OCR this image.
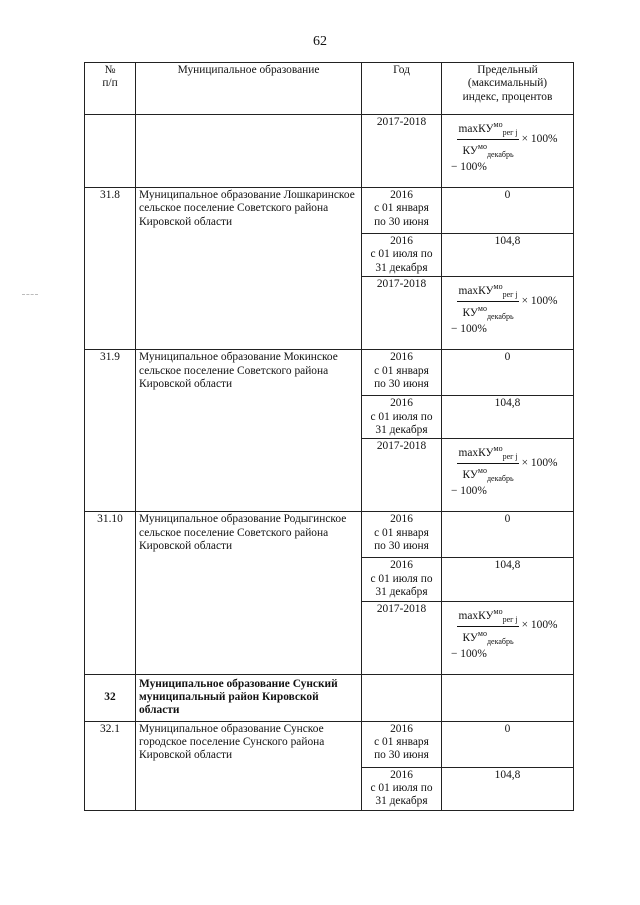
62
№
п/п	Муниципальное образование	Год	Предельный
(максимальный)
индекс, процентов
		2017-2018	$\frac{\max КУ^{мо}_{рег j}}{КУ^{мо}_{декабрь}} \times 100\%$
− 100%

31.8	Муниципальное образование Лошкаринское сельское поселение Советского района Кировской области	2016
с 01 января
по 30 июня	0
		2016
с 01 июля по
31 декабря	104,8
		2017-2018	$\frac{\max КУ^{мо}_{рег j}}{КУ^{мо}_{декабрь}} \times 100\%$
− 100%

31.9	Муниципальное образование Мокинское сельское поселение Советского района Кировской области	2016
с 01 января
по 30 июня	0
		2016
с 01 июля по
31 декабря	104,8
		2017-2018	$\frac{\max КУ^{мо}_{рег j}}{КУ^{мо}_{декабрь}} \times 100\%$
− 100%

31.10	Муниципальное образование Родыгинское сельское поселение Советского района Кировской области	2016
с 01 января
по 30 июня	0
		2016
с 01 июля по
31 декабря	104,8
		2017-2018	$\frac{\max КУ^{мо}_{рег j}}{КУ^{мо}_{декабрь}} \times 100\%$
− 100%

32	Муниципальное образование Сунский муниципальный район Кировской области		
32.1	Муниципальное образование Сунское городское поселение Сунского района Кировской области	2016
с 01 января
по 30 июня	0
		2016
с 01 июля по
31 декабря	104,8
